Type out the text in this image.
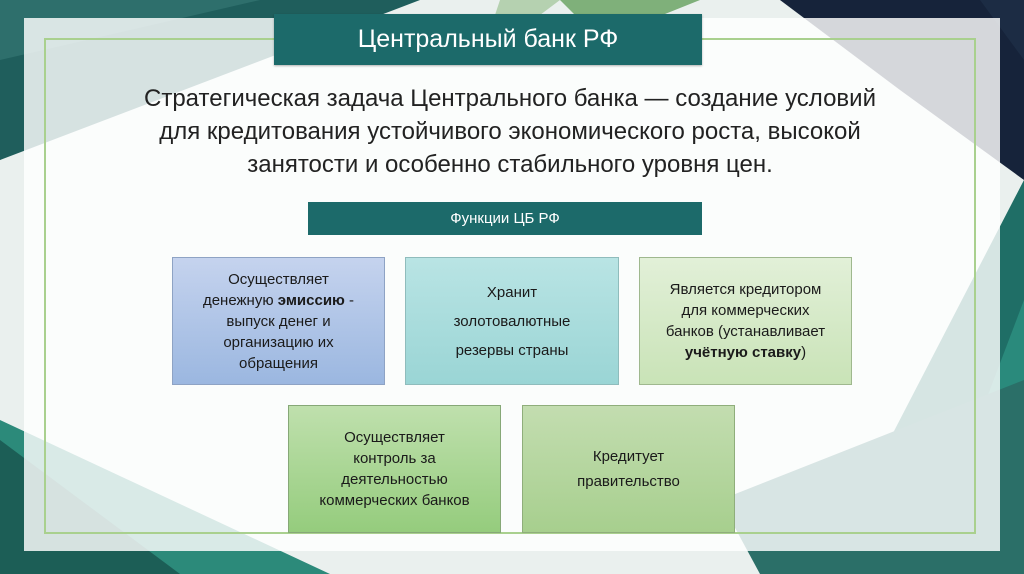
Центральный банк РФ
Стратегическая задача Центрального банка — создание условий
для кредитования устойчивого экономического роста, высокой
занятости и особенно стабильного уровня цен.
Функции ЦБ РФ
Осуществляет
денежную эмиссию -
выпуск денег и
организацию их
обращения
Хранит
золотовалютные
резервы страны
Является кредитором
для коммерческих
банков (устанавливает
учётную ставку)
Осуществляет
контроль за
деятельностью
коммерческих банков
Кредитует
правительство
